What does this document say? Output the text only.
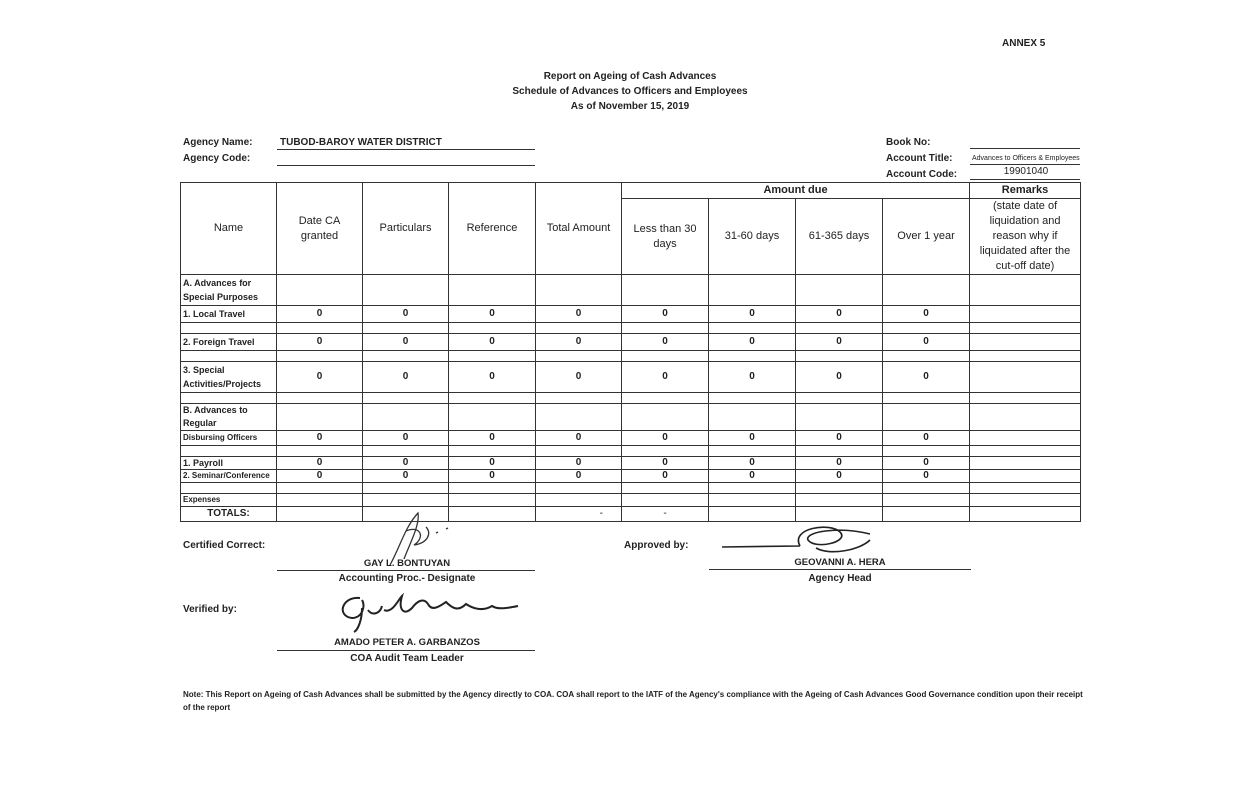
ANNEX 5
Report on Ageing of Cash Advances
Schedule of Advances to Officers and Employees
As of November 15, 2019
Agency Name:	TUBOD-BAROY WATER DISTRICT
Agency Code:
Book No:
Account Title:	Advances to Officers & Employees
Account Code:	19901040
Name	Date CA granted	Particulars	Reference	Total Amount	Amount due				Remarks
					Less than 30 days	31-60 days	61-365 days	Over 1 year	(state date of liquidation and reason why if liquidated after the cut-off date)
A. Advances for Special Purposes									
1. Local Travel	0	0	0	0	0	0	0	0	

2. Foreign Travel	0	0	0	0	0	0	0	0	

3. Special Activities/Projects	0	0	0	0	0	0	0	0	

B. Advances to Regular									
Disbursing Officers	0	0	0	0	0	0	0	0	

1. Payroll	0	0	0	0	0	0	0	0	
2. Seminar/Conference	0	0	0	0	0	0	0	0	

Expenses									
TOTALS:				-	-				
Certified Correct:
GAY L. BONTUYAN
Accounting Proc.- Designate
Approved by:
GEOVANNI A. HERA
Agency Head
Verified by:
AMADO PETER A. GARBANZOS
COA Audit Team Leader
Note: This Report on Ageing of Cash Advances shall be submitted by the Agency directly to COA. COA shall report to the IATF of the Agency's compliance with the Ageing of Cash Advances Good Governance condition upon their receipt of the report
